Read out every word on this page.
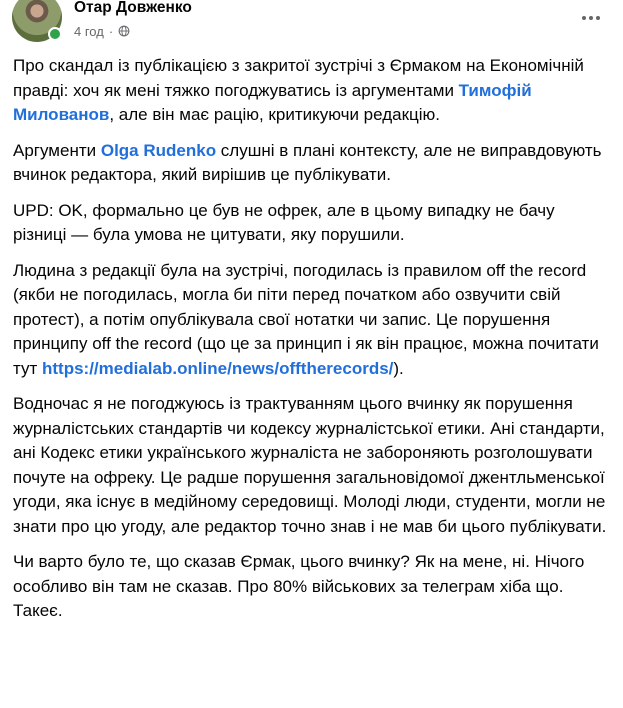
Отар Довженко
4 год ·

Про скандал із публікацією з закритої зустрічі з Єрмаком на Економічній правді: хоч як мені тяжко погоджуватись із аргументами Тимофій Милованов, але він має рацію, критикуючи редакцію.

Аргументи Olga Rudenko слушні в плані контексту, але не виправдовують вчинок редактора, який вирішив це публікувати.

UPD: OK, формально це був не офрек, але в цьому випадку не бачу різниці — була умова не цитувати, яку порушили.

Людина з редакції була на зустрічі, погодилась із правилом off the record (якби не погодилась, могла би піти перед початком або озвучити свій протест), а потім опублікувала свої нотатки чи запис. Це порушення принципу off the record (що це за принцип і як він працює, можна почитати тут https://medialab.online/news/offtherecords/).

Водночас я не погоджуюсь із трактуванням цього вчинку як порушення журналістських стандартів чи кодексу журналістської етики. Ані стандарти, ані Кодекс етики українського журналіста не забороняють розголошувати почуте на офреку. Це радше порушення загальновідомої джентльменської угоди, яка існує в медійному середовищі. Молоді люди, студенти, могли не знати про цю угоду, але редактор точно знав і не мав би цього публікувати.

Чи варто було те, що сказав Єрмак, цього вчинку? Як на мене, ні. Нічого особливо він там не сказав. Про 80% військових за телеграм хіба що. Такеє.
